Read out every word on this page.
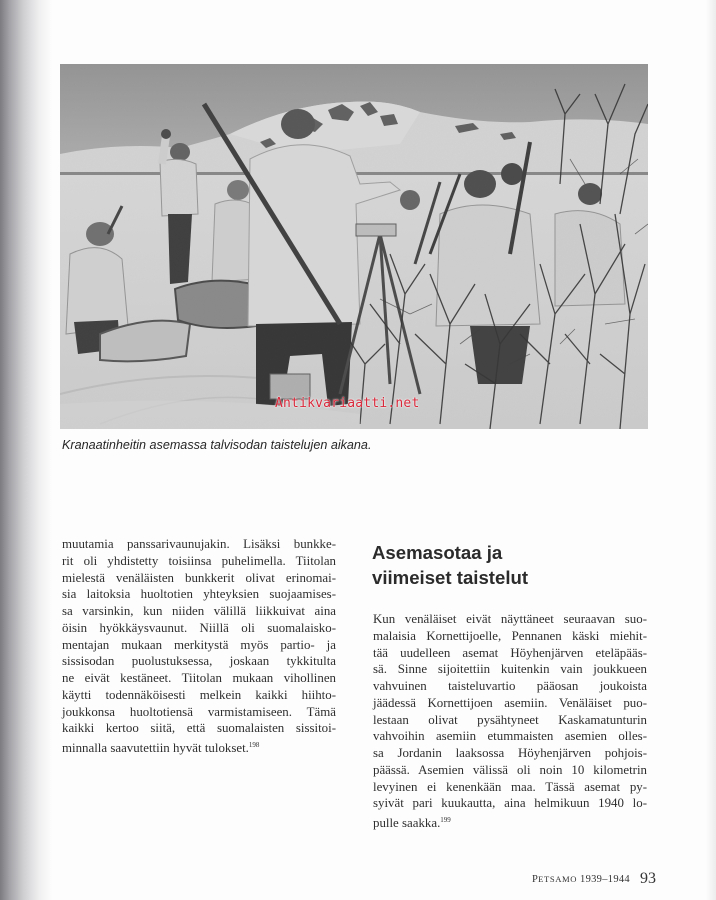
Antikvariaatti.net
Kranaatinheitin asemassa talvisodan taistelujen aikana.
muutamia panssarivaunujakin. Lisäksi bunkke-
rit oli yhdistetty toisiinsa puhelimella. Tiitolan
mielestä venäläisten bunkkerit olivat erinomai-
sia laitoksia huoltotien yhteyksien suojaamises-
sa varsinkin, kun niiden välillä liikkuivat aina
öisin hyökkäysvaunut. Niillä oli suomalaisko-
mentajan mukaan merkitystä myös partio- ja
sissisodan puolustuksessa, joskaan tykkitulta
ne eivät kestäneet. Tiitolan mukaan vihollinen
käytti todennäköisesti melkein kaikki hiihto-
joukkonsa huoltotiensä varmistamiseen. Tämä
kaikki kertoo siitä, että suomalaisten sissitoi-
minnalla saavutettiin hyvät tulokset.$^{198}$
Asemasotaa ja
viimeiset taistelut
Kun venäläiset eivät näyttäneet seuraavan suo-
malaisia Kornettijoelle, Pennanen käski miehit-
tää uudelleen asemat Höyhenjärven eteläpääs-
sä. Sinne sijoitettiin kuitenkin vain joukkueen
vahvuinen taisteluvartio pääosan joukoista
jäädessä Kornettijoen asemiin. Venäläiset puo-
lestaan olivat pysähtyneet Kaskamatunturin
vahvoihin asemiin etummaisten asemien olles-
sa Jordanin laaksossa Höyhenjärven pohjois-
päässä. Asemien välissä oli noin 10 kilometrin
levyinen ei kenenkään maa. Tässä asemat py-
syivät pari kuukautta, aina helmikuun 1940 lo-
pulle saakka.$^{199}$
PETSAMO 1939–1944 93
